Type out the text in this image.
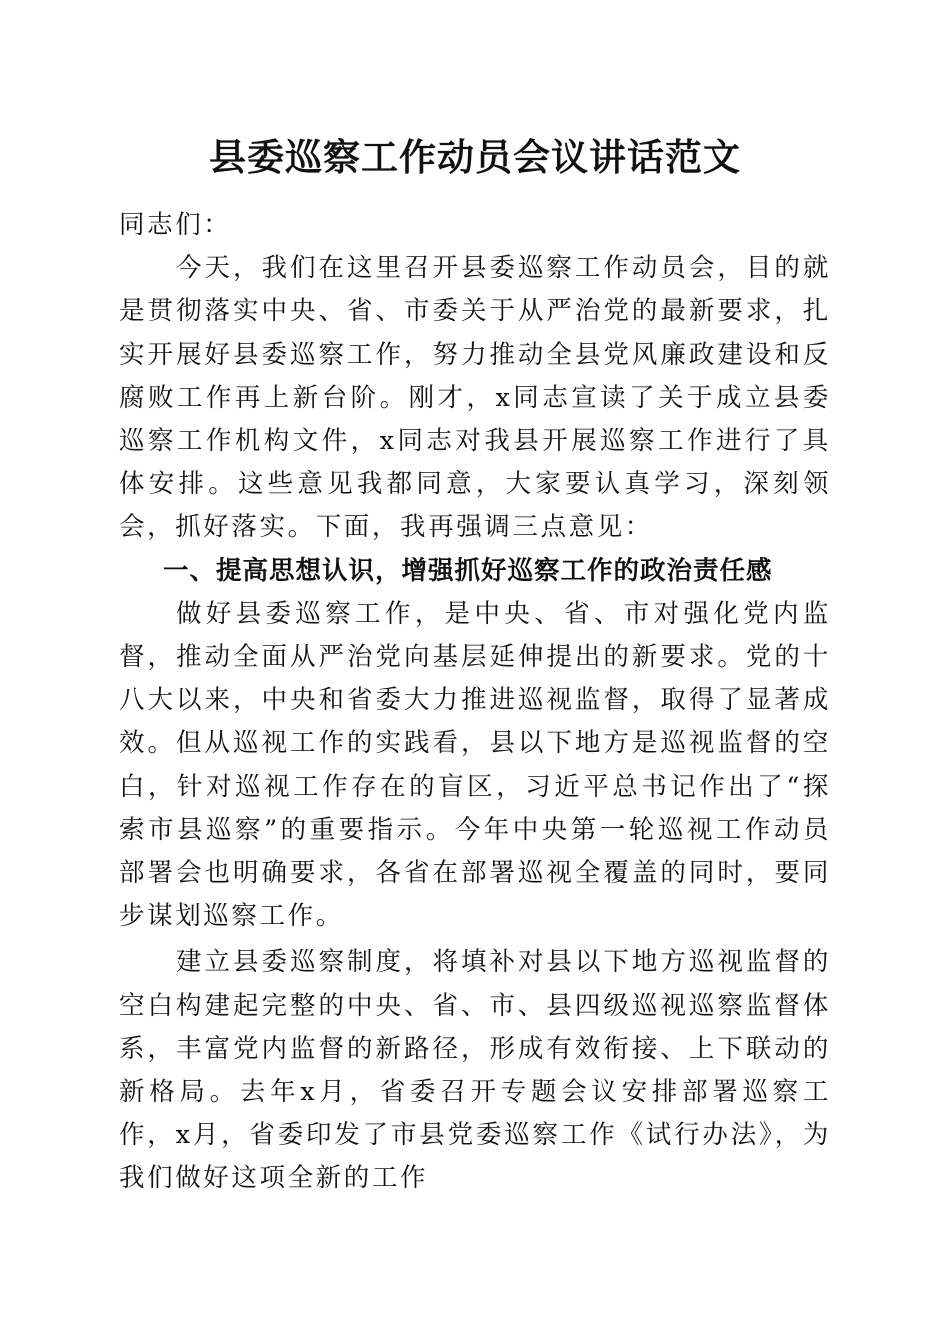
县委巡察工作动员会议讲话范文

同志们：

今天，我们在这里召开县委巡察工作动员会，目的就是贯彻落实中央、省、市委关于从严治党的最新要求，扎实开展好县委巡察工作，努力推动全县党风廉政建设和反腐败工作再上新台阶。刚才，x同志宣读了关于成立县委巡察工作机构文件，x同志对我县开展巡察工作进行了具体安排。这些意见我都同意，大家要认真学习，深刻领会，抓好落实。下面，我再强调三点意见：

一、提高思想认识，增强抓好巡察工作的政治责任感

做好县委巡察工作，是中央、省、市对强化党内监督，推动全面从严治党向基层延伸提出的新要求。党的十八大以来，中央和省委大力推进巡视监督，取得了显著成效。但从巡视工作的实践看，县以下地方是巡视监督的空白，针对巡视工作存在的盲区，习近平总书记作出了“探索市县巡察”的重要指示。今年中央第一轮巡视工作动员部署会也明确要求，各省在部署巡视全覆盖的同时，要同步谋划巡察工作。

建立县委巡察制度，将填补对县以下地方巡视监督的空白构建起完整的中央、省、市、县四级巡视巡察监督体系，丰富党内监督的新路径，形成有效衔接、上下联动的新格局。去年x月，省委召开专题会议安排部署巡察工作，x月，省委印发了市县党委巡察工作《试行办法》，为我们做好这项全新的工作
